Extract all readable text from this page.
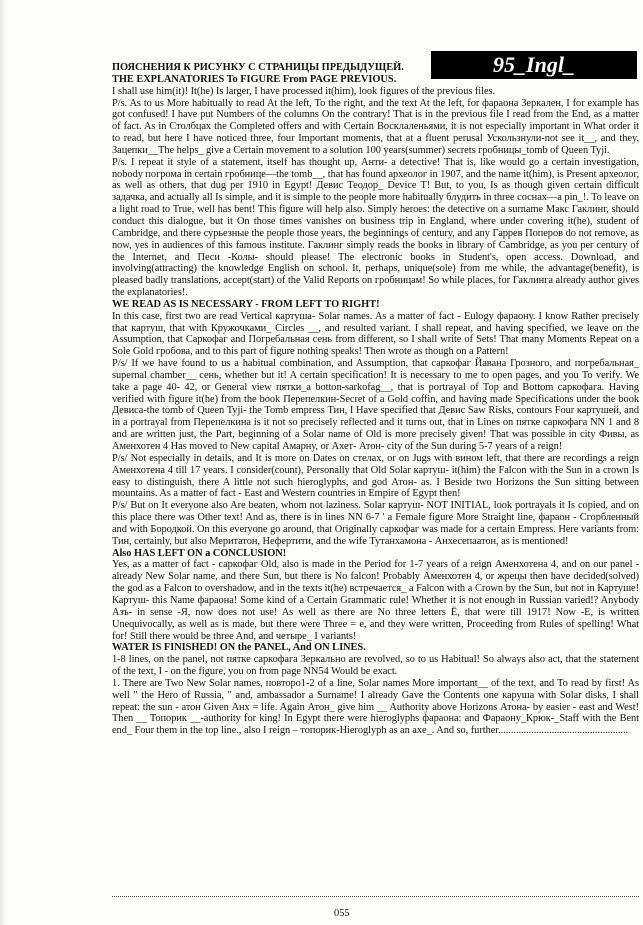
95_Ingl_

ПОЯСНЕНИЯ К РИСУНКУ С СТРАНИЦЫ ПРЕДЫДУЩЕЙ.

THE EXPLANATORIES To FIGURE From PAGE PREVIOUS.

I shall use him(it)! It(he) Is larger, I have processed it(him), look figures of the previous files.

P/s. As to us More habitually to read At the left, To the right, and the text At the left, for фараона Зеркален, I for example has got confused! I have put Numbers of the columns On the contrary! That is in the previous file I read from the End, as a matter of fact. As in Столбцах the Completed offers and with Certain Восклаленьями, it is not especially important in What order it to read, but here I have noticed three, four Important moments, that at a fluent perusal Ускользнули-not see it__, and they, Зацепки__The helps_ give a Certain movement to a solution 100 years(summer) secrets гробницы_tomb of Queen Tyji.

P/s. I repeat it style of a statement, itself has thought up, Анти- a detective! That is, like would go a certain investigation, nobody погрома in certain гробнице—the tomb__, that has found археолог in 1907, and the name it(him), is Present археолог, as well as others, that dug per 1910 in Egypt! Девис Теодор_ Device T! But, to you, Is as though given certain difficult задачка, and actually all Is simple, and it is simple to the people more habitually блудить in three соснах—a pin_!. To leave on a light road to True, well has bent! This figure will help also. Simply heroes: the detective on a surname Макс Гаклинг, should conduct this dialogue, but it On those times vanishes on business trip in England, where under covering it(he), student of Cambridge, and there сурьезные the people those years, the beginnings of century, and any Гаррев Поперов do not remove, as now, yes in audiences of this famous institute. Гаклинг simply reads the books in library of Cambridge, as you per century of the Internet, and Песи -Колы- should please! The electronic books in Student's, open access. Download, and involving(attracting) the knowledge English on school. It, perhaps, unique(sole) from me while, the advantage(benefit), is pleased badly translations, accept(start) of the Valid Reports on гробницам! So while places, for Гаклинга already author gives the explanatories!.

WE READ AS IS NECESSARY - FROM LEFT TO RIGHT!

In this case, first two are read Vertical картуша- Solar names. As a matter of fact - Eulogy фараону. I know Rather precisely that картуш, that with Кружочками_ Circles __, and resulted variant. I shall repeat, and having specified, we leave on the Assumption, that Саркофаг and Погребальная сень from different, so I shall write of Sets! That many Moments Repeat on a Sole Gold гробова, and to this part of figure nothing speaks! Then wrote as though on a Pattern!

P/s/ If we have found to us a habitual combination, and Assumption, that саркофаг Йавана Грозного, and погребальная_ supernal chamber__ сень, whether but it! A certain specification! It is necessary to me to open pages, and you To verify. We take a page 40- 42, or General view пятки_a botton-sarkofag__, that is portrayal of Top and Bottom саркофага. Having verified with figure it(he) from the book Перепелкин-Secret of a Gold coffin, and having made Specifications under the book Девиса-the tomb of Queen Tyji- the Tomb empress Тин, I Have specified that Девис Saw Risks, contours Four картушей, and in a portrayal from Перепелкина is it not so precisely reflected and it turns out, that in Lines on пятке саркофага NN 1 and 8 and are written just, the Part, beginning of a Solar name of Old is more precisely given! That was possible in city Фивы, as Аменхотен 4 Has moved to New capital Амарну, or Ахет- Атон- city of the Sun during 5-7 years of a reign!

P/s/ Not especially in details, and It is more on Dates on стелах, or on Jugs with вином left, that there are recordings a reign Аменхотена 4 till 17 years. I consider(count), Personally that Old Solar картуш- it(him) the Falcon with the Sun in a crown Is easy to distinguish, there A little not such hieroglyphs, and god Атон- as. I Beside two Horizons the Sun sitting between mountains. As a matter of fact - East and Western countries in Empire of Egypt then!

P/s/ But on It everyone also Are beaten, whom not laziness. Solar картуш- NOT INITIAL, look portrayals it Is copied, and on this place there was Other text! And as, there is in lines NN 6-7 ' a Female figure More Straight line, фараон - Сгорбленный and with Бородкой. On this everyone go around, that Originally саркофаг was made for a certain Empress. Here variants from: Тин, certainly, but also Меритатон, Нефертити, and the wife Тутанхамона - Анхесепаатон, as is mentioned!

Also HAS LEFT ON a CONCLUSION!

Yes, as a matter of fact - саркофаг Old, also is made in the Period for 1-7 years of a reign Аменхотена 4, and on our panel - already New Solar name, and there Sun, but there is No falcon! Probably Аменхотен 4, or жрецы then have decided(solved) the god as a Falcon to overshadow, and in the texts it(he) встречается_ a Falcon with a Crown by the Sun, but not in Картуше! Картуш- this Name фараона! Some kind of a Certain Grammatic rule! Whether it is not enough in Russian varied!? Anybody Азъ- in sense -Я, now does not use! As well as there are No three letters Ё, that were till 1917! Now -Е, is written Unequivocally, as well as is made, but there were Three = е, and they were written, Proceeding from Rules of spelling! What for! Still there would be three And, and четыре_ I variants!

WATER IS FINISHED! ON the PANEL, And ON LINES.

1-8 lines, on the panel, not пятке саркофага Зеркально are revolved, so to us Habitual! So always also act, that the statement of the text, I - on the figure, you on from page NN54 Would be exact.

1. There are Two New Solar names, повторо1-2 of a line, Solar names More important__ of the text, and To read by first! As well " the Hero of Russia, " and, ambassador a Surname! I already Gave the Contents one каруша with Solar disks, I shall repeat: the sun - атон Given Анх = life. Again Атон_ give him __ Authority above Horizons Атона- by easier - east and West! Then __ Топорик __-authority for king! In Egypt there were hieroglyphs фараона: and Фараону_Крюк-_Staff with the Bent end_ Four them in the top line., also I reign – топорик-Hieroglyph as an axe_. And so, further...................................................

055
